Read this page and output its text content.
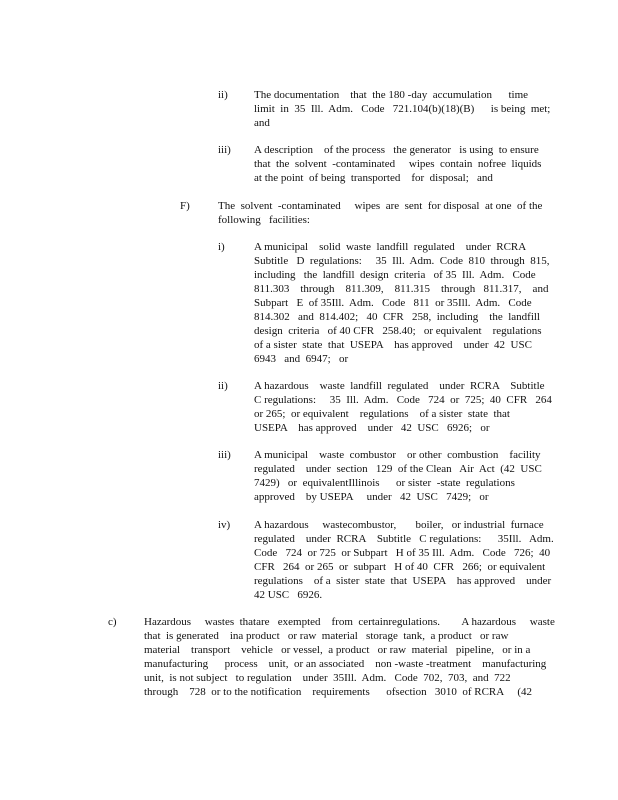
ii) The documentation    that  the 180 -day  accumulation      time
limit  in  35  Ill.  Adm.   Code   721.104(b)(18)(B)      is being  met;
and
iii) A description    of the process   the generator   is using  to ensure
that  the  solvent  -contaminated     wipes  contain  nofree  liquids
at the point  of being  transported    for  disposal;   and
F)	The  solvent  -contaminated     wipes  are  sent  for disposal  at one  of the
following   facilities:
i)	A municipal    solid  waste  landfill  regulated    under  RCRA
Subtitle   D  regulations:     35  Ill.  Adm.  Code  810  through  815,
including   the  landfill  design  criteria   of 35  Ill.  Adm.   Code
811.303    through    811.309,    811.315    through   811.317,    and
Subpart   E  of 35Ill.  Adm.   Code   811  or 35Ill.  Adm.   Code
814.302   and  814.402;   40  CFR   258,  including    the  landfill
design  criteria   of 40 CFR   258.40;   or equivalent    regulations
of a sister  state  that  USEPA    has approved    under  42  USC
6943   and  6947;   or
ii) A hazardous    waste  landfill  regulated    under  RCRA    Subtitle
C regulations:     35  Ill.  Adm.   Code   724  or  725;  40  CFR   264
or 265;  or equivalent    regulations    of a sister  state  that
USEPA    has approved    under   42  USC   6926;   or
iii) A municipal    waste  combustor    or other  combustion    facility
regulated    under  section   129  of the Clean   Air  Act  (42  USC
7429)   or  equivalentIllinois      or sister  -state  regulations
approved    by USEPA     under   42  USC   7429;   or
iv) A hazardous     wastecombustor,       boiler,   or industrial  furnace
regulated    under  RCRA    Subtitle   C regulations:      35Ill.   Adm.
Code   724  or 725  or Subpart   H of 35 Ill.  Adm.   Code   726;  40
CFR   264  or 265  or  subpart   H of 40  CFR   266;  or equivalent
regulations    of a  sister  state  that  USEPA    has approved    under
42 USC   6926.
c) Hazardous     wastes  thatare   exempted    from  certainregulations.        A hazardous     waste
that  is generated    ina product   or raw  material   storage  tank,  a product   or raw
material    transport    vehicle   or vessel,  a product   or raw  material   pipeline,   or in a
manufacturing      process    unit,  or an associated    non -waste -treatment    manufacturing
unit,  is not subject   to regulation    under  35Ill.  Adm.   Code  702,  703,  and  722
through    728  or to the notification    requirements      ofsection   3010  of RCRA     (42
